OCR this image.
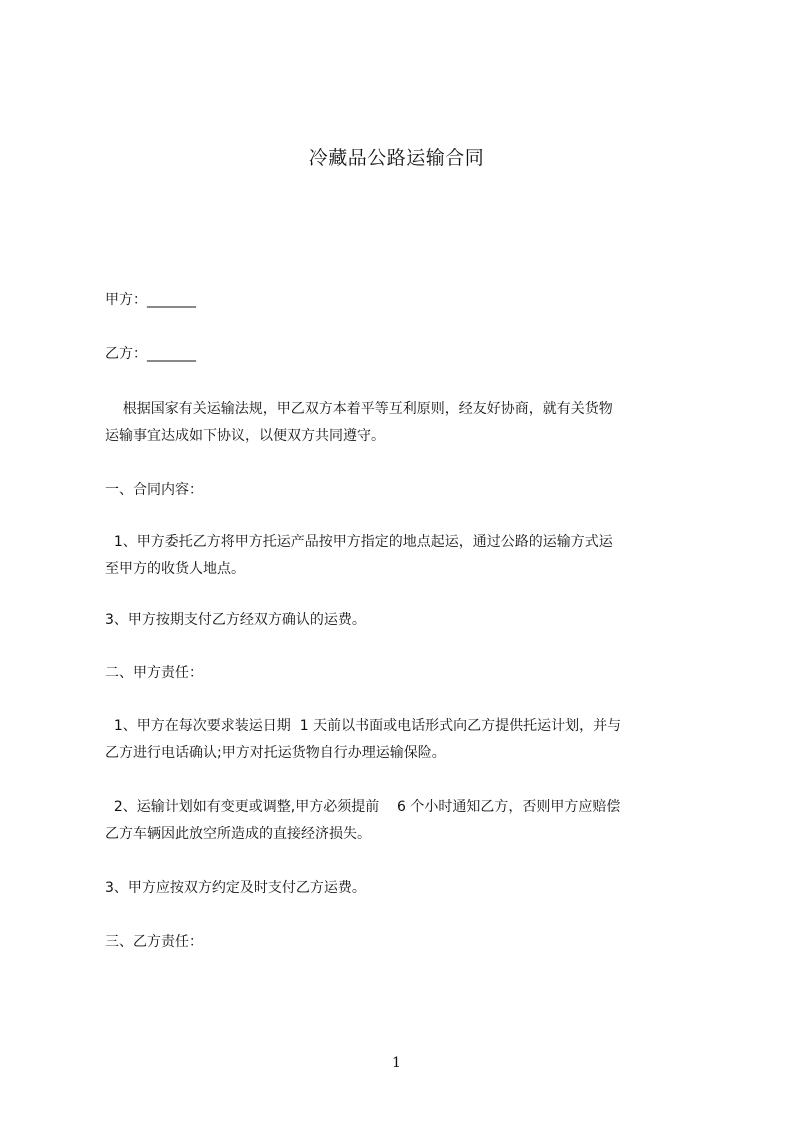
冷藏品公路运输合同
甲方：_______
乙方：_______
根据国家有关运输法规，甲乙双方本着平等互利原则，经友好协商，就有关货物
运输事宜达成如下协议，以便双方共同遵守。
一、合同内容：
1、甲方委托乙方将甲方托运产品按甲方指定的地点起运，通过公路的运输方式运
至甲方的收货人地点。
3、甲方按期支付乙方经双方确认的运费。
二、甲方责任：
1、甲方在每次要求装运日期  1 天前以书面或电话形式向乙方提供托运计划，并与
乙方进行电话确认;甲方对托运货物自行办理运输保险。
2、运输计划如有变更或调整,甲方必须提前    6 个小时通知乙方，否则甲方应赔偿
乙方车辆因此放空所造成的直接经济损失。
3、甲方应按双方约定及时支付乙方运费。
三、乙方责任：
1
